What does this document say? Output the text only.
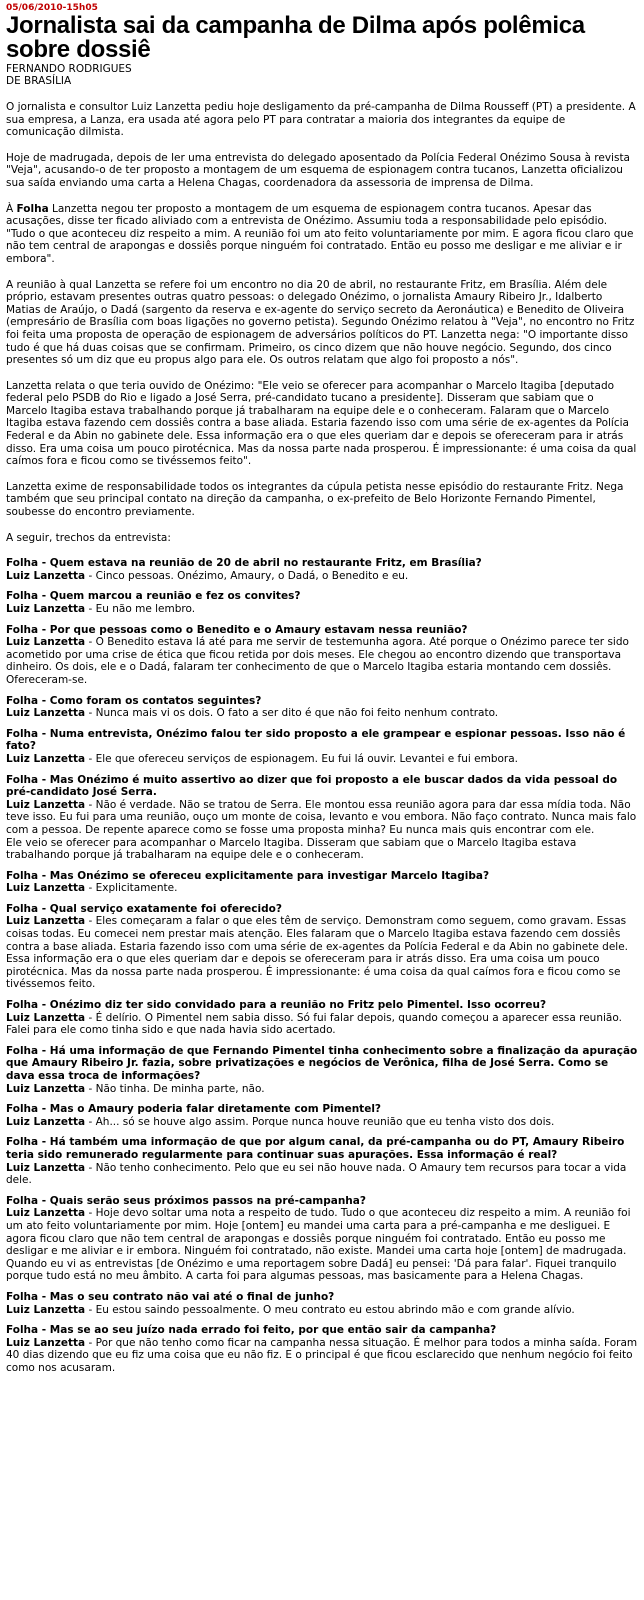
05/06/2010-15h05
Jornalista sai da campanha de Dilma após polêmica sobre dossiê
FERNANDO RODRIGUES
DE BRASÍLIA

O jornalista e consultor Luiz Lanzetta pediu hoje desligamento da pré-campanha de Dilma Rousseff (PT) a presidente. A sua empresa, a Lanza, era usada até agora pelo PT para contratar a maioria dos integrantes da equipe de comunicação dilmista.

Hoje de madrugada, depois de ler uma entrevista do delegado aposentado da Polícia Federal Onézimo Sousa à revista "Veja", acusando-o de ter proposto a montagem de um esquema de espionagem contra tucanos, Lanzetta oficializou sua saída enviando uma carta a Helena Chagas, coordenadora da assessoria de imprensa de Dilma.

À Folha Lanzetta negou ter proposto a montagem de um esquema de espionagem contra tucanos. Apesar das acusações, disse ter ficado aliviado com a entrevista de Onézimo. Assumiu toda a responsabilidade pelo episódio. "Tudo o que aconteceu diz respeito a mim. A reunião foi um ato feito voluntariamente por mim. E agora ficou claro que não tem central de arapongas e dossiês porque ninguém foi contratado. Então eu posso me desligar e me aliviar e ir embora".

A reunião à qual Lanzetta se refere foi um encontro no dia 20 de abril, no restaurante Fritz, em Brasília. Além dele próprio, estavam presentes outras quatro pessoas: o delegado Onézimo, o jornalista Amaury Ribeiro Jr., Idalberto Matias de Araújo, o Dadá (sargento da reserva e ex-agente do serviço secreto da Aeronáutica) e Benedito de Oliveira (empresário de Brasília com boas ligações no governo petista). Segundo Onézimo relatou à "Veja", no encontro no Fritz foi feita uma proposta de operação de espionagem de adversários políticos do PT. Lanzetta nega: "O importante disso tudo é que há duas coisas que se confirmam. Primeiro, os cinco dizem que não houve negócio. Segundo, dos cinco presentes só um diz que eu propus algo para ele. Os outros relatam que algo foi proposto a nós".

Lanzetta relata o que teria ouvido de Onézimo: "Ele veio se oferecer para acompanhar o Marcelo Itagiba [deputado federal pelo PSDB do Rio e ligado a José Serra, pré-candidato tucano a presidente]. Disseram que sabiam que o Marcelo Itagiba estava trabalhando porque já trabalharam na equipe dele e o conheceram. Falaram que o Marcelo Itagiba estava fazendo cem dossiês contra a base aliada. Estaria fazendo isso com uma série de ex-agentes da Polícia Federal e da Abin no gabinete dele. Essa informação era o que eles queriam dar e depois se ofereceram para ir atrás disso. Era uma coisa um pouco pirotécnica. Mas da nossa parte nada prosperou. É impressionante: é uma coisa da qual caímos fora e ficou como se tivéssemos feito".

Lanzetta exime de responsabilidade todos os integrantes da cúpula petista nesse episódio do restaurante Fritz. Nega também que seu principal contato na direção da campanha, o ex-prefeito de Belo Horizonte Fernando Pimentel, soubesse do encontro previamente.

A seguir, trechos da entrevista:

Folha - Quem estava na reunião de 20 de abril no restaurante Fritz, em Brasília?

Luiz Lanzetta - Cinco pessoas. Onézimo, Amaury, o Dadá, o Benedito e eu.

Folha - Quem marcou a reunião e fez os convites?

Luiz Lanzetta - Eu não me lembro.

Folha - Por que pessoas como o Benedito e o Amaury estavam nessa reunião?

Luiz Lanzetta - O Benedito estava lá até para me servir de testemunha agora. Até porque o Onézimo parece ter sido acometido por uma crise de ética que ficou retida por dois meses. Ele chegou ao encontro dizendo que transportava dinheiro. Os dois, ele e o Dadá, falaram ter conhecimento de que o Marcelo Itagiba estaria montando cem dossiês. Ofereceram-se.

Folha - Como foram os contatos seguintes?

Luiz Lanzetta - Nunca mais vi os dois. O fato a ser dito é que não foi feito nenhum contrato.

Folha - Numa entrevista, Onézimo falou ter sido proposto a ele grampear e espionar pessoas. Isso não é fato?

Luiz Lanzetta - Ele que ofereceu serviços de espionagem. Eu fui lá ouvir. Levantei e fui embora.

Folha - Mas Onézimo é muito assertivo ao dizer que foi proposto a ele buscar dados da vida pessoal do pré-candidato José Serra.

Luiz Lanzetta - Não é verdade. Não se tratou de Serra. Ele montou essa reunião agora para dar essa mídia toda. Não teve isso. Eu fui para uma reunião, ouço um monte de coisa, levanto e vou embora. Não faço contrato. Nunca mais falo com a pessoa. De repente aparece como se fosse uma proposta minha? Eu nunca mais quis encontrar com ele.

Ele veio se oferecer para acompanhar o Marcelo Itagiba. Disseram que sabiam que o Marcelo Itagiba estava trabalhando porque já trabalharam na equipe dele e o conheceram.

Folha - Mas Onézimo se ofereceu explicitamente para investigar Marcelo Itagiba?

Luiz Lanzetta - Explicitamente.

Folha - Qual serviço exatamente foi oferecido?

Luiz Lanzetta - Eles começaram a falar o que eles têm de serviço. Demonstram como seguem, como gravam. Essas coisas todas. Eu comecei nem prestar mais atenção. Eles falaram que o Marcelo Itagiba estava fazendo cem dossiês contra a base aliada. Estaria fazendo isso com uma série de ex-agentes da Polícia Federal e da Abin no gabinete dele. Essa informação era o que eles queriam dar e depois se ofereceram para ir atrás disso. Era uma coisa um pouco pirotécnica. Mas da nossa parte nada prosperou. É impressionante: é uma coisa da qual caímos fora e ficou como se tivéssemos feito.

Folha - Onézimo diz ter sido convidado para a reunião no Fritz pelo Pimentel. Isso ocorreu?

Luiz Lanzetta - É delírio. O Pimentel nem sabia disso. Só fui falar depois, quando começou a aparecer essa reunião. Falei para ele como tinha sido e que nada havia sido acertado.

Folha - Há uma informação de que Fernando Pimentel tinha conhecimento sobre a finalização da apuração que Amaury Ribeiro Jr. fazia, sobre privatizações e negócios de Verônica, filha de José Serra. Como se dava essa troca de informações?

Luiz Lanzetta - Não tinha. De minha parte, não.

Folha - Mas o Amaury poderia falar diretamente com Pimentel?

Luiz Lanzetta - Ah... só se houve algo assim. Porque nunca houve reunião que eu tenha visto dos dois.

Folha - Há também uma informação de que por algum canal, da pré-campanha ou do PT, Amaury Ribeiro teria sido remunerado regularmente para continuar suas apurações. Essa informação é real?

Luiz Lanzetta - Não tenho conhecimento. Pelo que eu sei não houve nada. O Amaury tem recursos para tocar a vida dele.

Folha - Quais serão seus próximos passos na pré-campanha?

Luiz Lanzetta - Hoje devo soltar uma nota a respeito de tudo. Tudo o que aconteceu diz respeito a mim. A reunião foi um ato feito voluntariamente por mim. Hoje [ontem] eu mandei uma carta para a pré-campanha e me desliguei. E agora ficou claro que não tem central de arapongas e dossiês porque ninguém foi contratado. Então eu posso me desligar e me aliviar e ir embora. Ninguém foi contratado, não existe. Mandei uma carta hoje [ontem] de madrugada. Quando eu vi as entrevistas [de Onézimo e uma reportagem sobre Dadá] eu pensei: 'Dá para falar'. Fiquei tranquilo porque tudo está no meu âmbito. A carta foi para algumas pessoas, mas basicamente para a Helena Chagas.

Folha - Mas o seu contrato não vai até o final de junho?

Luiz Lanzetta - Eu estou saindo pessoalmente. O meu contrato eu estou abrindo mão e com grande alívio.

Folha - Mas se ao seu juízo nada errado foi feito, por que então sair da campanha?

Luiz Lanzetta - Por que não tenho como ficar na campanha nessa situação. É melhor para todos a minha saída. Foram 40 dias dizendo que eu fiz uma coisa que eu não fiz. E o principal é que ficou esclarecido que nenhum negócio foi feito como nos acusaram.
